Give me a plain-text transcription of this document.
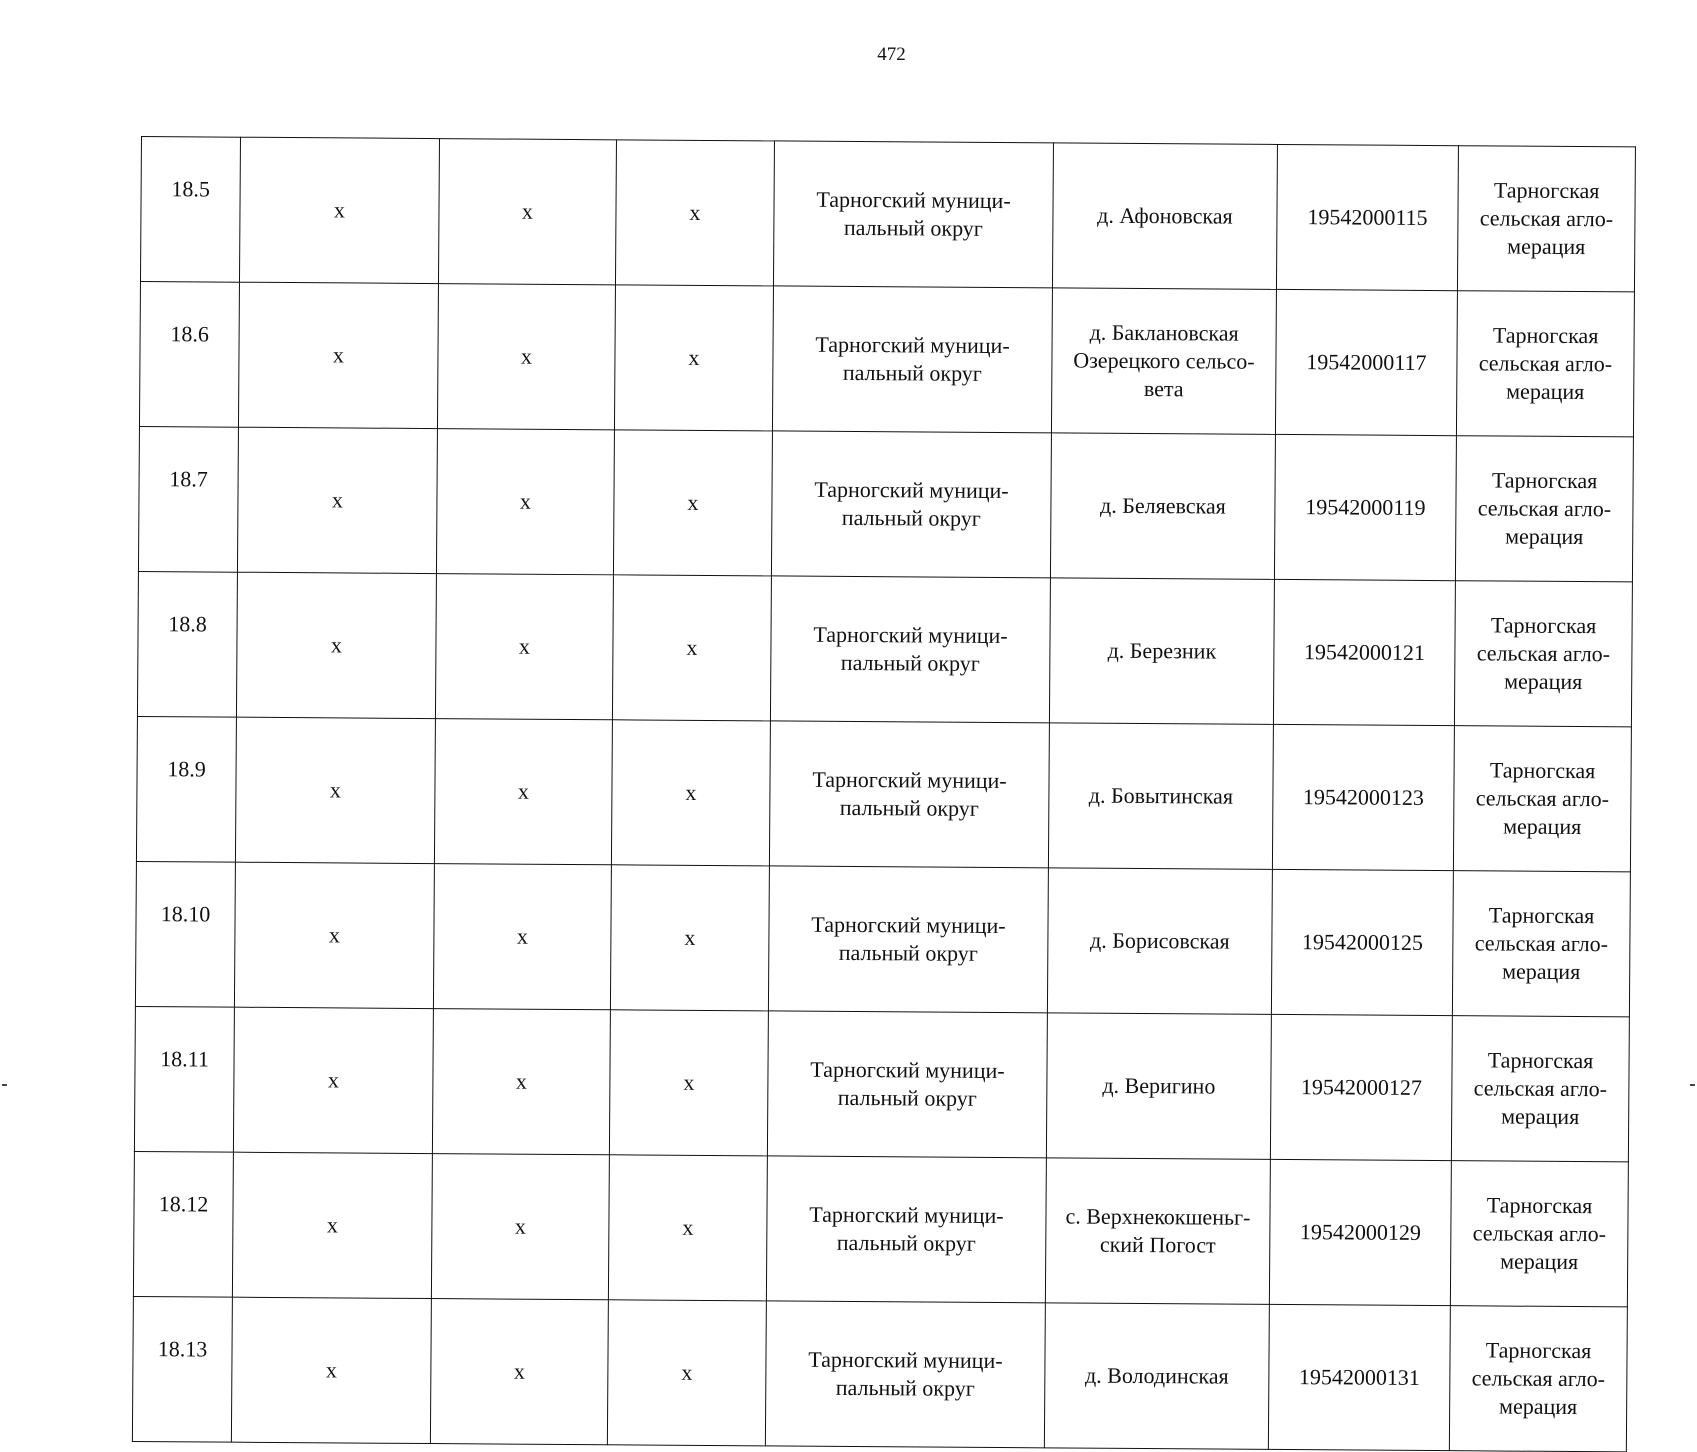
472
18.5	x	x	x	Тарногский муници-пальный округ	д. Афоновская	19542000115	Тарногская сельская агло-мерация
18.6	x	x	x	Тарногский муници-пальный округ	д. Баклановская Озерецкого сельсо-вета	19542000117	Тарногская сельская агло-мерация
18.7	x	x	x	Тарногский муници-пальный округ	д. Беляевская	19542000119	Тарногская сельская агло-мерация
18.8	x	x	x	Тарногский муници-пальный округ	д. Березник	19542000121	Тарногская сельская агло-мерация
18.9	x	x	x	Тарногский муници-пальный округ	д. Бовытинская	19542000123	Тарногская сельская агло-мерация
18.10	x	x	x	Тарногский муници-пальный округ	д. Борисовская	19542000125	Тарногская сельская агло-мерация
18.11	x	x	x	Тарногский муници-пальный округ	д. Веригино	19542000127	Тарногская сельская агло-мерация
18.12	x	x	x	Тарногский муници-пальный округ	с. Верхнекокшеньг-ский Погост	19542000129	Тарногская сельская агло-мерация
18.13	x	x	x	Тарногский муници-пальный округ	д. Володинская	19542000131	Тарногская сельская агло-мерация
